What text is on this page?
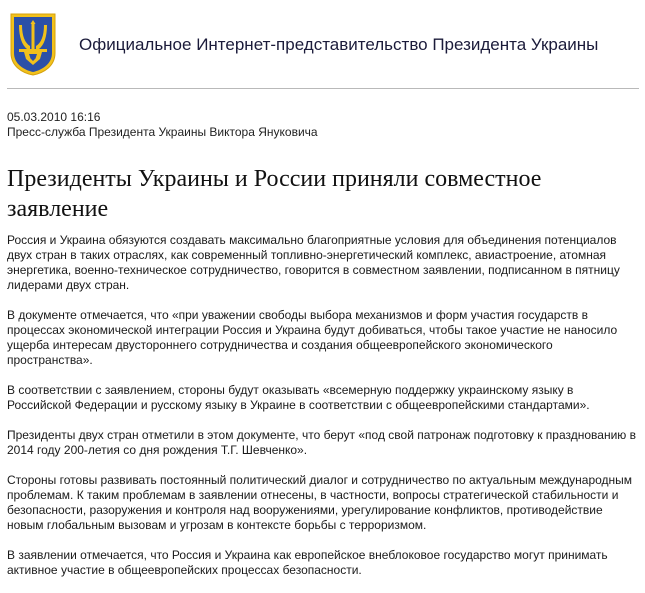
Официальное Интернет-представительство Президента Украины
05.03.2010 16:16
Пресс-служба Президента Украины Виктора Януковича
Президенты Украины и России приняли совместное заявление

Россия и Украина обязуются создавать максимально благоприятные условия для объединения потенциалов двух стран в таких отраслях, как современный топливно-энергетический комплекс, авиастроение, атомная энергетика, военно-техническое сотрудничество, говорится в совместном заявлении, подписанном в пятницу лидерами двух стран.

В документе отмечается, что «при уважении свободы выбора механизмов и форм участия государств в процессах экономической интеграции Россия и Украина будут добиваться, чтобы такое участие не наносило ущерба интересам двустороннего сотрудничества и создания общеевропейского экономического пространства».

В соответствии с заявлением, стороны будут оказывать «всемерную поддержку украинскому языку в Российской Федерации и русскому языку в Украине в соответствии с общеевропейскими стандартами».

Президенты двух стран отметили в этом документе, что берут «под свой патронаж подготовку к празднованию в 2014 году 200-летия со дня рождения Т.Г. Шевченко».

Стороны готовы развивать постоянный политический диалог и сотрудничество по актуальным международным проблемам. К таким проблемам в заявлении отнесены, в частности, вопросы стратегической стабильности и безопасности, разоружения и контроля над вооружениями, урегулирование конфликтов, противодействие новым глобальным вызовам и угрозам в контексте борьбы с терроризмом.

В заявлении отмечается, что Россия и Украина как европейское внеблоковое государство могут принимать активное участие в общеевропейских процессах безопасности.
